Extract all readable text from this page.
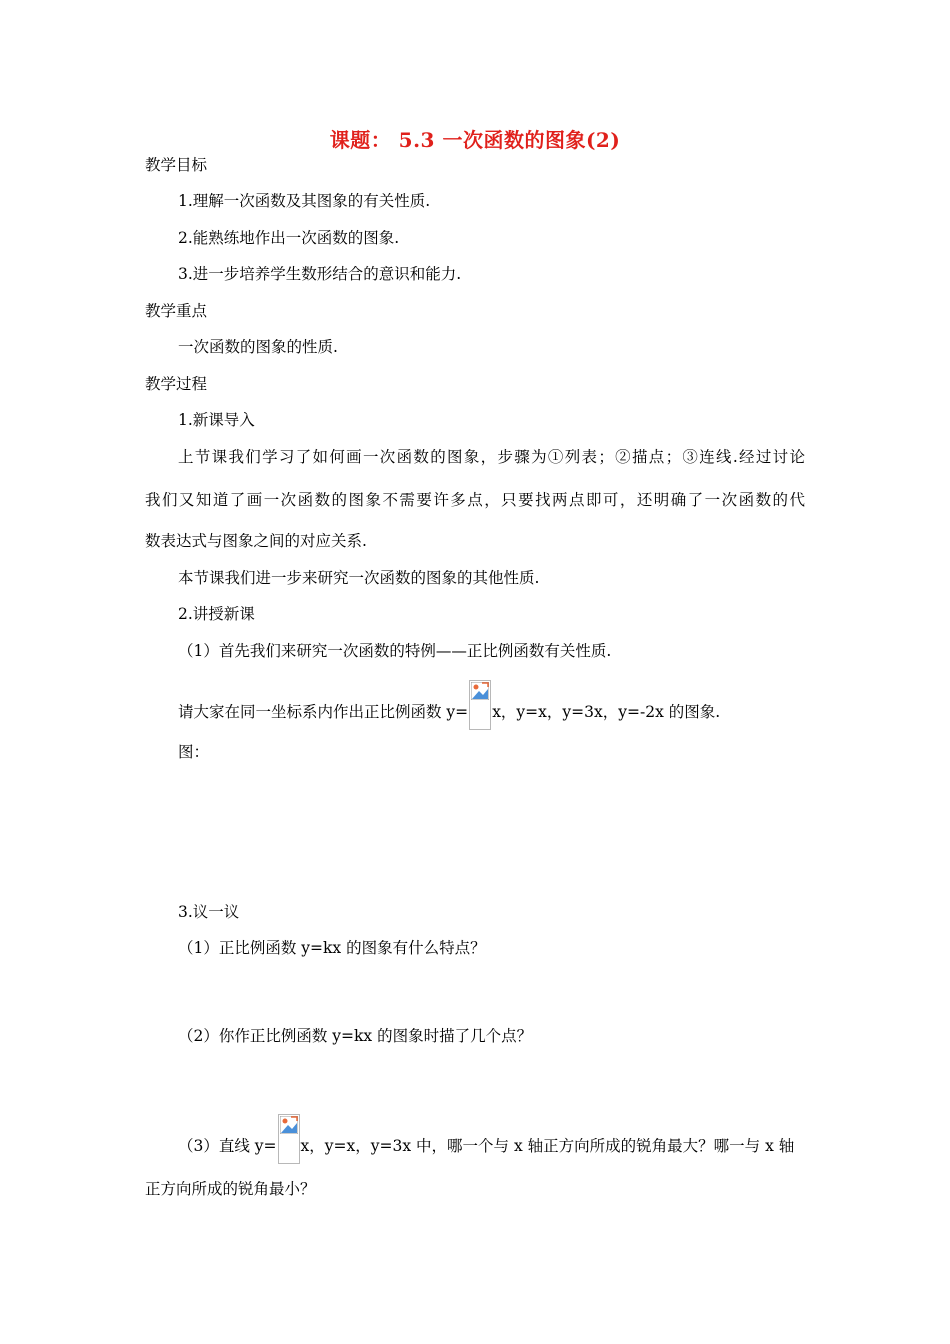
课题： 5.3 一次函数的图象(2)
教学目标
1.理解一次函数及其图象的有关性质.
2.能熟练地作出一次函数的图象.
3.进一步培养学生数形结合的意识和能力.
教学重点
一次函数的图象的性质.
教学过程
1.新课导入
上节课我们学习了如何画一次函数的图象，步骤为①列表；②描点；③连线.经过讨论
我们又知道了画一次函数的图象不需要许多点，只要找两点即可，还明确了一次函数的代
数表达式与图象之间的对应关系.
本节课我们进一步来研究一次函数的图象的其他性质.
2.讲授新课
（1）首先我们来研究一次函数的特例——正比例函数有关性质.
请大家在同一坐标系内作出正比例函数 y= x，y=x，y=3x，y=-2x 的图象.
图：
3.议一议
（1）正比例函数 y=kx 的图象有什么特点？
（2）你作正比例函数 y=kx 的图象时描了几个点？
（3）直线 y= x，y=x，y=3x 中，哪一个与 x 轴正方向所成的锐角最大？哪一与 x 轴
正方向所成的锐角最小？
